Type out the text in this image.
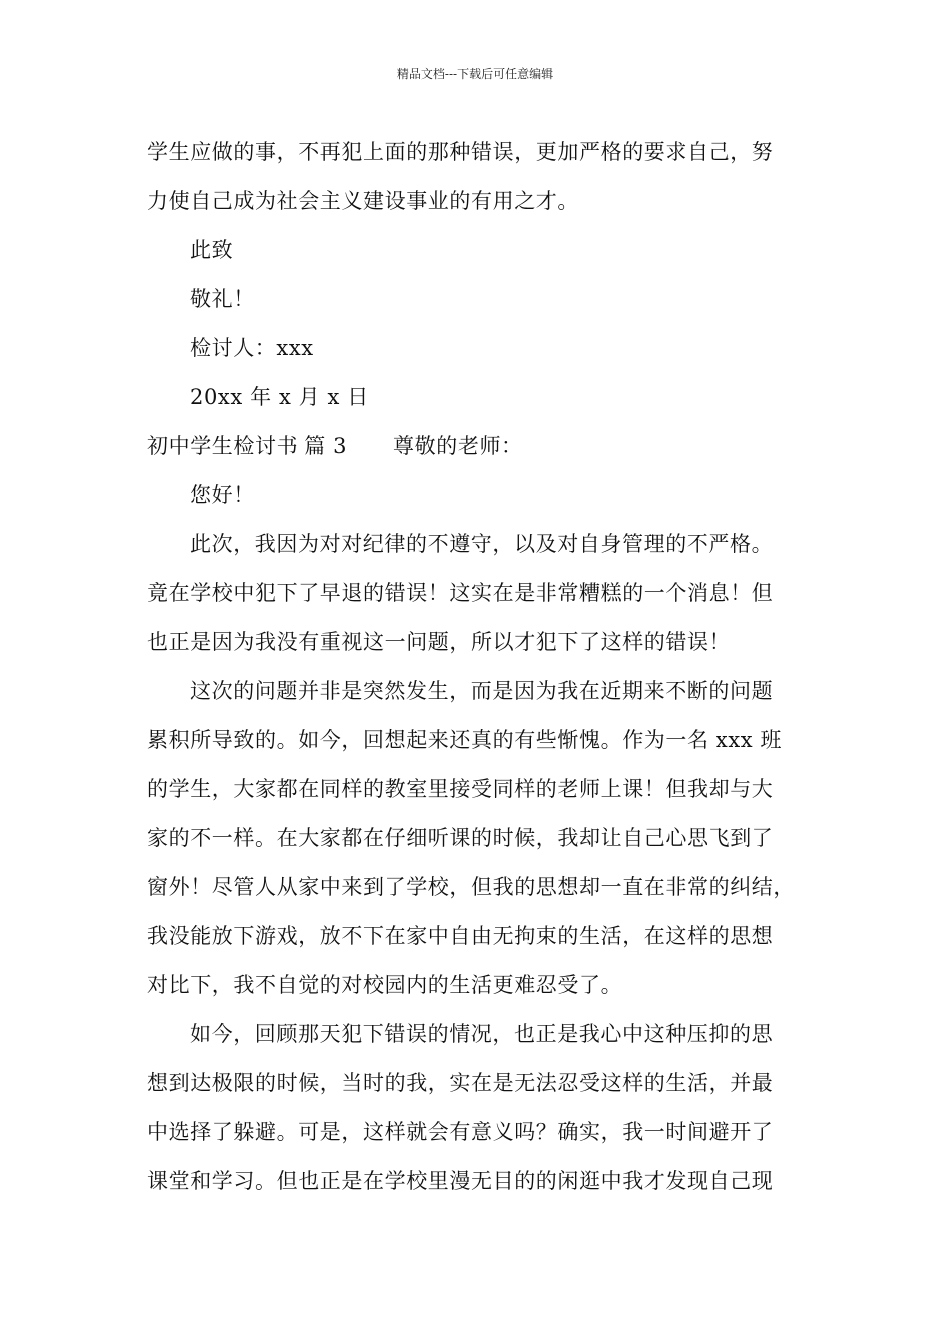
精品文档---下载后可任意编辑
学生应做的事，不再犯上面的那种错误，更加严格的要求自己，努
力使自己成为社会主义建设事业的有用之才。
此致
敬礼！
检讨人：xxx
20xx 年 x 月 x 日
初中学生检讨书 篇 3 尊敬的老师：
您好！
此次，我因为对对纪律的不遵守，以及对自身管理的不严格。
竟在学校中犯下了早退的错误！这实在是非常糟糕的一个消息！但
也正是因为我没有重视这一问题，所以才犯下了这样的错误！
这次的问题并非是突然发生，而是因为我在近期来不断的问题
累积所导致的。如今，回想起来还真的有些惭愧。作为一名 xxx 班
的学生，大家都在同样的教室里接受同样的老师上课！但我却与大
家的不一样。在大家都在仔细听课的时候，我却让自己心思飞到了
窗外！尽管人从家中来到了学校，但我的思想却一直在非常的纠结，
我没能放下游戏，放不下在家中自由无拘束的生活，在这样的思想
对比下，我不自觉的对校园内的生活更难忍受了。
如今，回顾那天犯下错误的情况，也正是我心中这种压抑的思
想到达极限的时候，当时的我，实在是无法忍受这样的生活，并最
中选择了躲避。可是，这样就会有意义吗？确实，我一时间避开了
课堂和学习。但也正是在学校里漫无目的的闲逛中我才发现自己现
